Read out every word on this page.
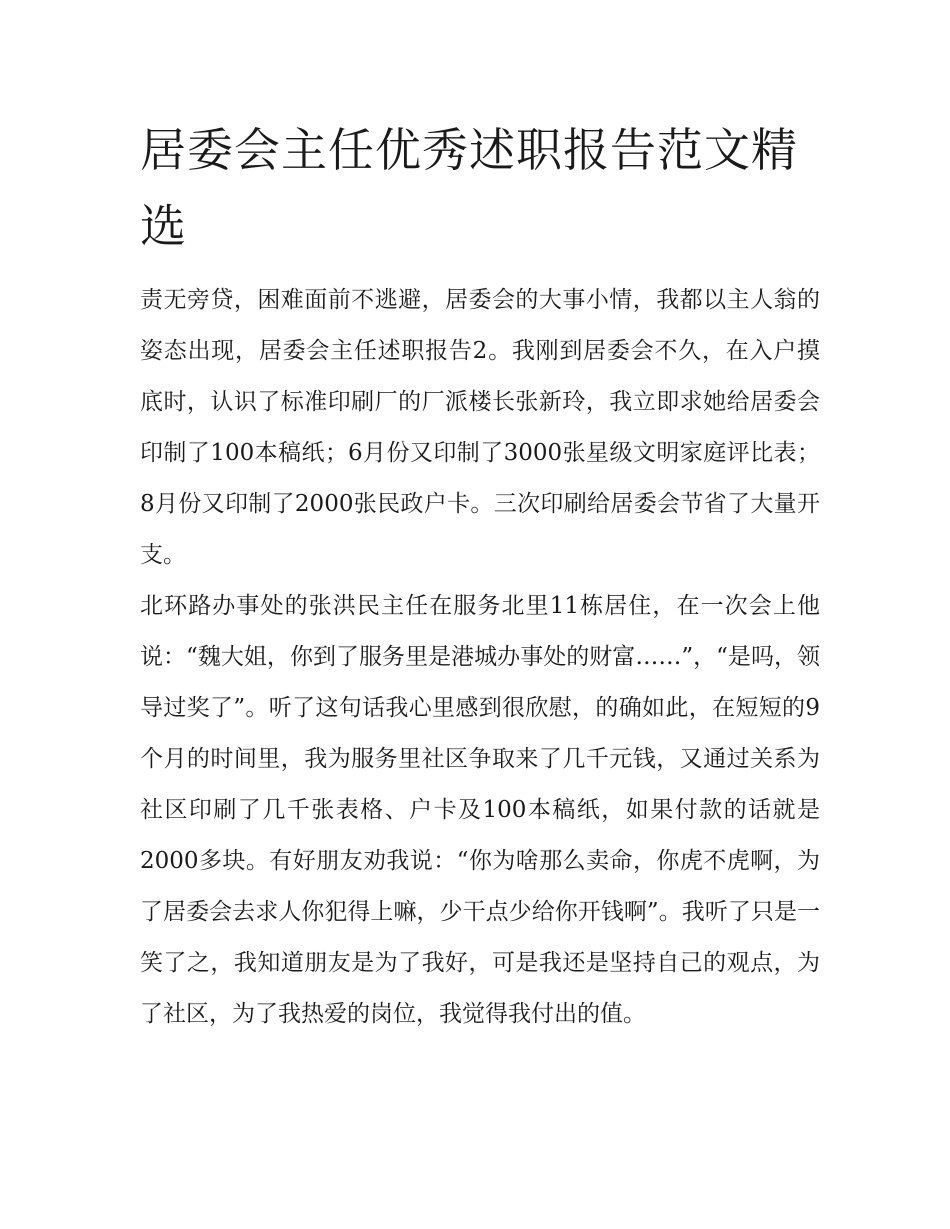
居委会主任优秀述职报告范文精选

责无旁贷，困难面前不逃避，居委会的大事小情，我都以主人翁的姿态出现，居委会主任述职报告2。我刚到居委会不久，在入户摸底时，认识了标准印刷厂的厂派楼长张新玲，我立即求她给居委会印制了100本稿纸；6月份又印制了3000张星级文明家庭评比表；8月份又印制了2000张民政户卡。三次印刷给居委会节省了大量开支。

北环路办事处的张洪民主任在服务北里11栋居住，在一次会上他说：“魏大姐，你到了服务里是港城办事处的财富……”，“是吗，领导过奖了”。听了这句话我心里感到很欣慰，的确如此，在短短的9个月的时间里，我为服务里社区争取来了几千元钱，又通过关系为社区印刷了几千张表格、户卡及100本稿纸，如果付款的话就是2000多块。有好朋友劝我说：“你为啥那么卖命，你虎不虎啊，为了居委会去求人你犯得上嘛，少干点少给你开钱啊”。我听了只是一笑了之，我知道朋友是为了我好，可是我还是坚持自己的观点，为了社区，为了我热爱的岗位，我觉得我付出的值。
